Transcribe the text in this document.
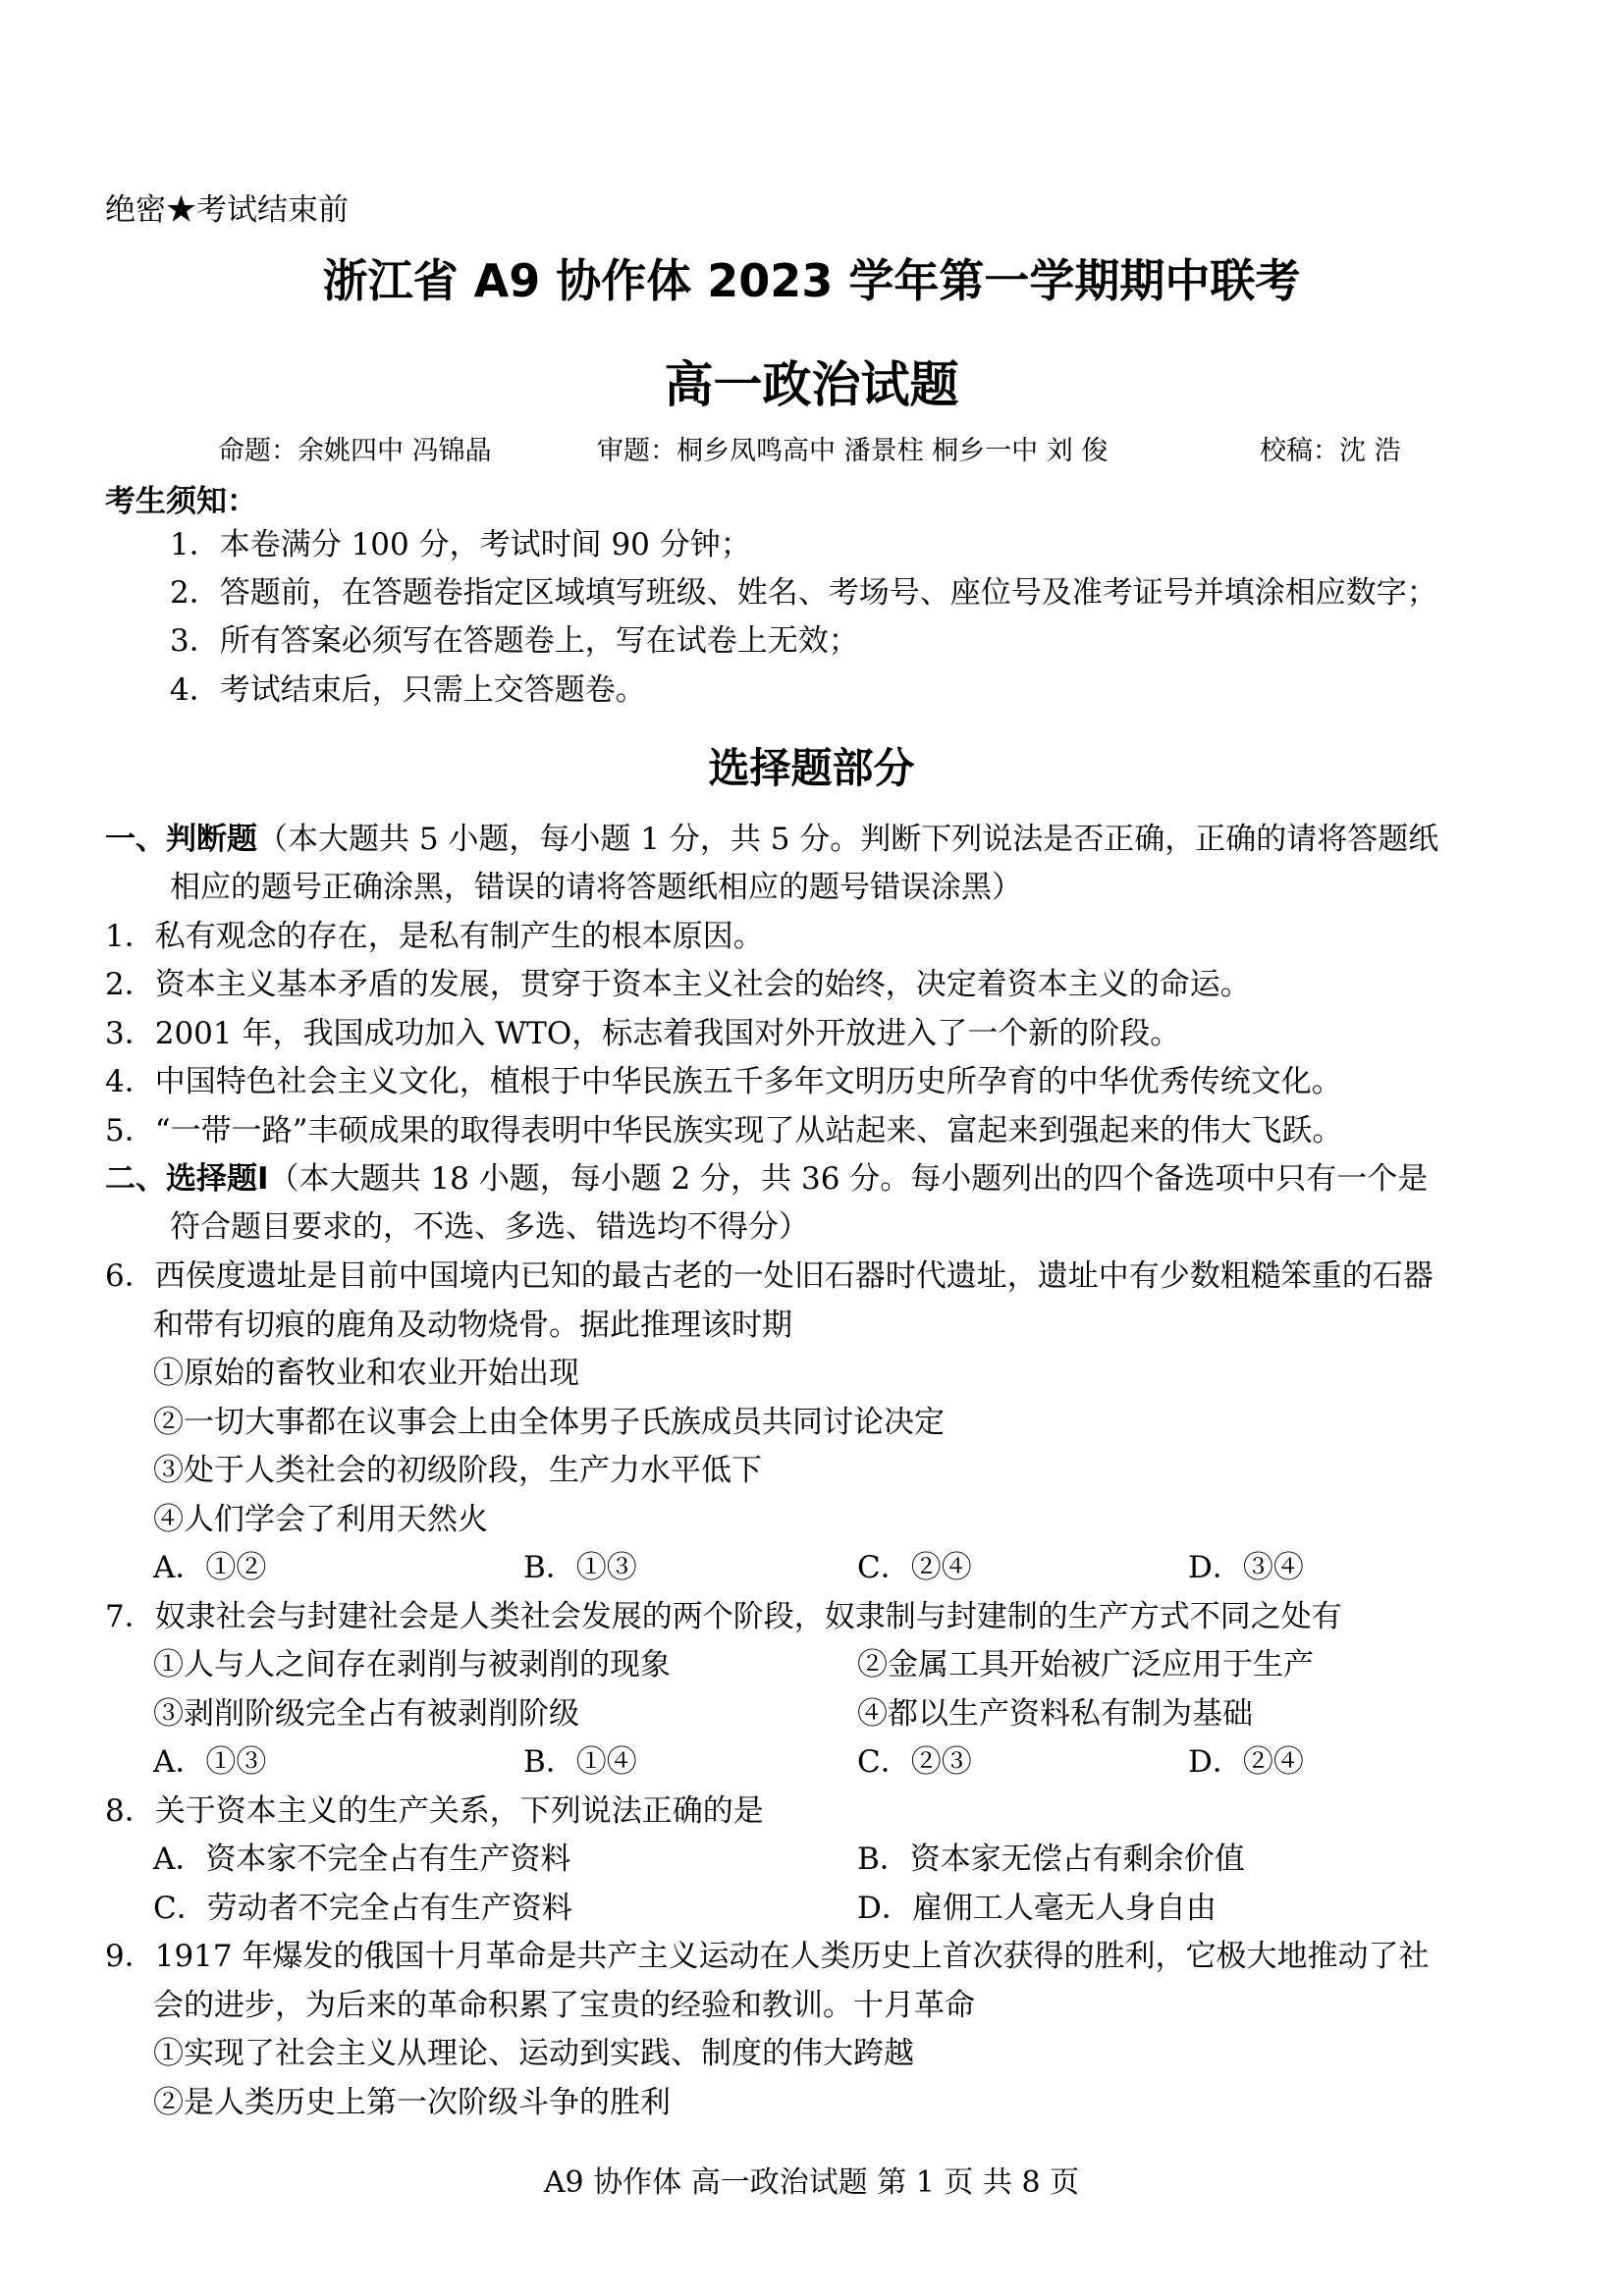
绝密★考试结束前
浙江省 A9 协作体 2023 学年第一学期期中联考
高一政治试题
命题：余姚四中 冯锦晶	审题：桐乡凤鸣高中 潘景柱 桐乡一中 刘 俊	校稿：沈 浩
考生须知：
1．本卷满分 100 分，考试时间 90 分钟；
2．答题前，在答题卷指定区域填写班级、姓名、考场号、座位号及准考证号并填涂相应数字；
3．所有答案必须写在答题卷上，写在试卷上无效；
4．考试结束后，只需上交答题卷。
选择题部分
一、判断题（本大题共 5 小题，每小题 1 分，共 5 分。判断下列说法是否正确，正确的请将答题纸
相应的题号正确涂黑，错误的请将答题纸相应的题号错误涂黑）
1．私有观念的存在，是私有制产生的根本原因。
2．资本主义基本矛盾的发展，贯穿于资本主义社会的始终，决定着资本主义的命运。
3．2001 年，我国成功加入 WTO，标志着我国对外开放进入了一个新的阶段。
4．中国特色社会主义文化，植根于中华民族五千多年文明历史所孕育的中华优秀传统文化。
5．“一带一路”丰硕成果的取得表明中华民族实现了从站起来、富起来到强起来的伟大飞跃。
二、选择题Ⅰ（本大题共 18 小题，每小题 2 分，共 36 分。每小题列出的四个备选项中只有一个是
符合题目要求的，不选、多选、错选均不得分）
6．西侯度遗址是目前中国境内已知的最古老的一处旧石器时代遗址，遗址中有少数粗糙笨重的石器
和带有切痕的鹿角及动物烧骨。据此推理该时期
①原始的畜牧业和农业开始出现
②一切大事都在议事会上由全体男子氏族成员共同讨论决定
③处于人类社会的初级阶段，生产力水平低下
④人们学会了利用天然火
A．①②	B．①③	C．②④	D．③④
7．奴隶社会与封建社会是人类社会发展的两个阶段，奴隶制与封建制的生产方式不同之处有
①人与人之间存在剥削与被剥削的现象	②金属工具开始被广泛应用于生产
③剥削阶级完全占有被剥削阶级	④都以生产资料私有制为基础
A．①③	B．①④	C．②③	D．②④
8．关于资本主义的生产关系，下列说法正确的是
A．资本家不完全占有生产资料	B．资本家无偿占有剩余价值
C．劳动者不完全占有生产资料	D．雇佣工人毫无人身自由
9．1917 年爆发的俄国十月革命是共产主义运动在人类历史上首次获得的胜利，它极大地推动了社
会的进步，为后来的革命积累了宝贵的经验和教训。十月革命
①实现了社会主义从理论、运动到实践、制度的伟大跨越
②是人类历史上第一次阶级斗争的胜利
A9 协作体 高一政治试题 第 1 页 共 8 页
